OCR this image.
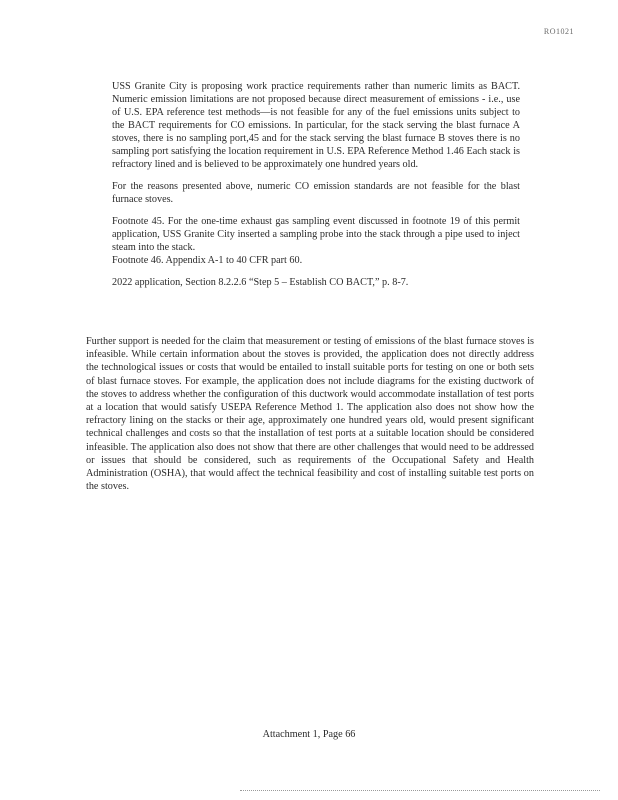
RO1021

USS Granite City is proposing work practice requirements rather than numeric limits as BACT. Numeric emission limitations are not proposed because direct measurement of emissions - i.e., use of U.S. EPA reference test methods—is not feasible for any of the fuel emissions units subject to the BACT requirements for CO emissions. In particular, for the stack serving the blast furnace A stoves, there is no sampling port,45 and for the stack serving the blast furnace B stoves there is no sampling port satisfying the location requirement in U.S. EPA Reference Method 1.46 Each stack is refractory lined and is believed to be approximately one hundred years old.

For the reasons presented above, numeric CO emission standards are not feasible for the blast furnace stoves.

Footnote 45. For the one-time exhaust gas sampling event discussed in footnote 19 of this permit application, USS Granite City inserted a sampling probe into the stack through a pipe used to inject steam into the stack.

Footnote 46. Appendix A-1 to 40 CFR part 60.

2022 application, Section 8.2.2.6 “Step 5 – Establish CO BACT,” p. 8-7.

Further support is needed for the claim that measurement or testing of emissions of the blast furnace stoves is infeasible. While certain information about the stoves is provided, the application does not directly address the technological issues or costs that would be entailed to install suitable ports for testing on one or both sets of blast furnace stoves. For example, the application does not include diagrams for the existing ductwork of the stoves to address whether the configuration of this ductwork would accommodate installation of test ports at a location that would satisfy USEPA Reference Method 1. The application also does not show how the refractory lining on the stacks or their age, approximately one hundred years old, would present significant technical challenges and costs so that the installation of test ports at a suitable location should be considered infeasible. The application also does not show that there are other challenges that would need to be addressed or issues that should be considered, such as requirements of the Occupational Safety and Health Administration (OSHA), that would affect the technical feasibility and cost of installing suitable test ports on the stoves.

Attachment 1, Page 66
